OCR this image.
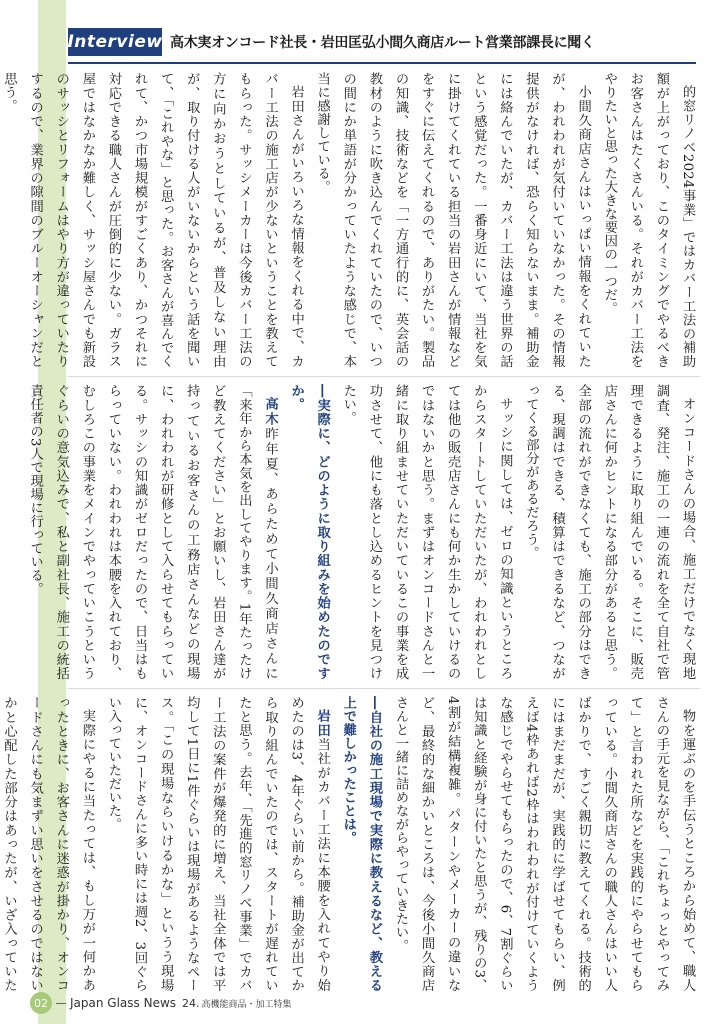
Interview 高木実オンコード社長・岩田匡弘小間久商店ルート営業部課長に聞く

的窓リノベ2024事業」ではカバー工法の補助額が上がっており、このタイミングでやるべきお客さんはたくさんいる。それがカバー工法をやりたいと思った大きな要因の一つだ。

小間久商店さんはいっぱい情報をくれていたが、われわれが気付いていなかった。その情報提供がなければ、恐らく知らないまま。補助金には絡んでいたが、カバー工法は違う世界の話という感覚だった。一番身近にいて、当社を気に掛けてくれている担当の岩田さんが情報などをすぐに伝えてくれるので、ありがたい。製品の知識、技術などを「一方通行的に、英会話の教材のように吹き込んでくれていたので、いつの間にか単語が分かっていたような感じで、本当に感謝している。

岩田さんがいろいろな情報をくれる中で、カバー工法の施工店が少ないということを教えてもらった。サッシメーカーは今後カバー工法の方に向かおうとしているが、普及しない理由が、取り付ける人がいないからという話を聞いて、「これやな」と思った。お客さんが喜んでくれて、かつ市場規模がすごくあり、かつそれに対応できる職人さんが圧倒的に少ない。ガラス屋ではなかなか難しく、サッシ屋さんでも新設のサッシとリフォームはやり方が違っていたりするので、業界の隙間のブルーオーシャンだと思う。

オンコードさんの場合、施工だけでなく現地調査、発注、施工の一連の流れを全て自社で管理できるように取り組んでいる。そこに、販売店さんに何かヒントになる部分があると思う。全部の流れができなくても、施工の部分はできる、現調はできる、積算はできるなど、つながってくる部分があるだろう。

サッシに関しては、ゼロの知識というところからスタートしていただいたが、われわれとしては他の販売店さんにも何か生かしていけるのではないかと思う。まずはオンコードさんと一緒に取り組ませていただいているこの事業を成功させて、他にも落とし込めるヒントを見つけたい。

―実際に、どのように取り組みを始めたのですか。

高木昨年夏、あらためて小間久商店さんに「来年から本気を出してやります。1年たったけど教えてください」とお願いし、岩田さん達が持っているお客さんの工務店さんなどの現場に、われわれが研修として入らせてもらっている。サッシの知識がゼロだったので、日当はもらっていない。われわれは本腰を入れており、むしろこの事業をメインでやっていこうというぐらいの意気込みで、私と副社長、施工の統括責任者の3人で現場に行っている。

物を運ぶのを手伝うところから始めて、職人さんの手元を見ながら、「これちょっとやってみて」と言われた所などを実践的にやらせてもらっている。小間久商店さんの職人さんはいい人ばかりで、すごく親切に教えてくれる。技術的にはまだまだが、実践的に学ばせてもらい、例えば4枠あれば2枠はわれわれが付けていくような感じでやらせてもらったので、6、7割ぐらいは知識と経験が身に付いたと思うが、残りの3、4割が結構複雑。パターンやメーカーの違いなど、最終的な細かいところは、今後小間久商店さんと一緒に詰めながらやっていきたい。

―自社の施工現場で実際に教えるなど、教える上で難しかったことは。

岩田当社がカバー工法に本腰を入れてやり始めたのは3、4年ぐらい前から。補助金が出てから取り組んでいたのでは、スタートが遅れていたと思う。去年、「先進的窓リノベ事業」でカバー工法の案件が爆発的に増え、当社全体では平均して1日に1件ぐらいは現場があるようなペース。「この現場ならいけるかな」というう現場に、オンコードさんに多い時には週2、3回ぐらい入っていただいた。

実際にやるに当たっては、もし万が一何かあったときに、お客さんに迷惑が掛かり、オンコードさんにも気まずい思いをさせるのではないかと心配した部分はあったが、いざ入っていた

02	Japan Glass News 24. 高機能商品・加工特集
